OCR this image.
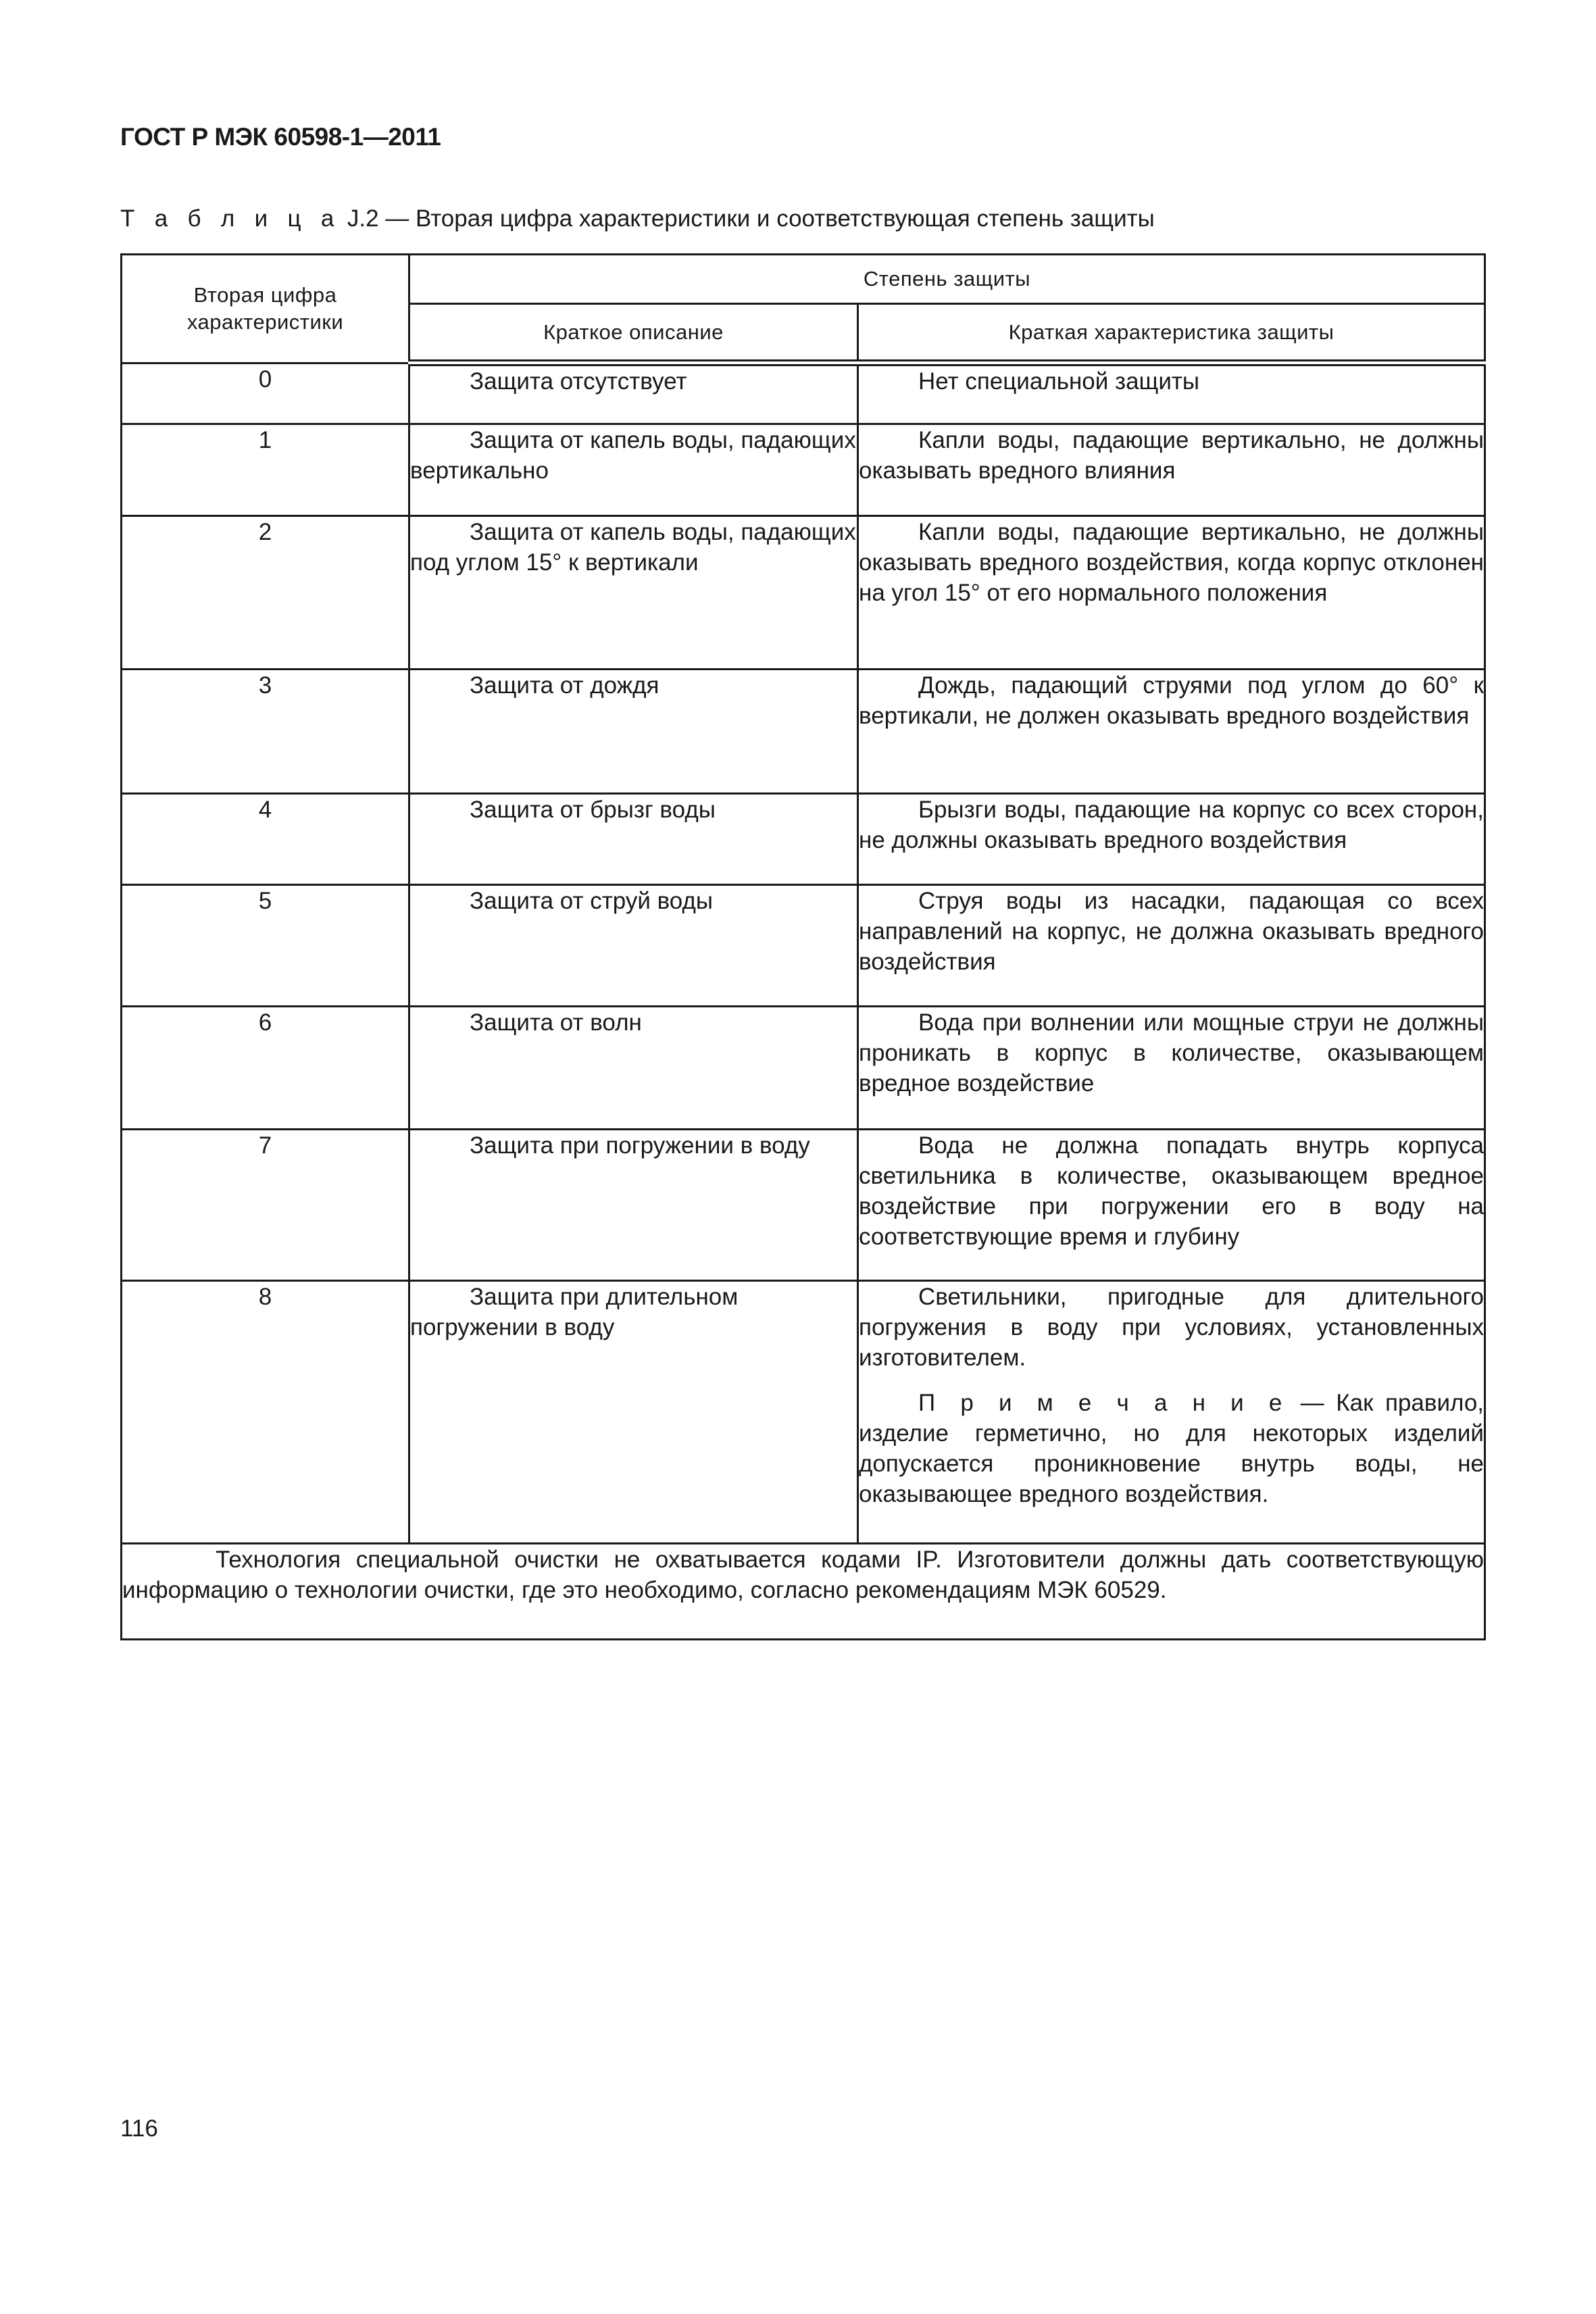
ГОСТ Р МЭК 60598-1—2011
Т а б л и ц а J.2 — Вторая цифра характеристики и соответствующая степень защиты
Вторая цифра характеристики	Степень защиты	
	Краткое описание	Краткая характеристика защиты
0	Защита отсутствует	Нет специальной защиты

1	Защита от капель воды, падающих вертикально	Капли воды, падающие вертикально, не должны оказывать вредного влияния

2	Защита от капель воды, падающих под углом 15° к вертикали	Капли воды, падающие вертикально, не должны оказывать вредного воздействия, когда корпус отклонен на угол 15° от его нормального положения

3	Защита от дождя	Дождь, падающий струями под углом до 60° к вертикали, не должен оказывать вредного воздействия

4	Защита от брызг воды	Брызги воды, падающие на корпус со всех сторон, не должны оказывать вредного воздействия

5	Защита от струй воды	Струя воды из насадки, падающая со всех направлений на корпус, не должна оказывать вредного воздействия

6	Защита от волн	Вода при волнении или мощные струи не должны проникать в корпус в количестве, оказывающем вредное воздействие

7	Защита при погружении в воду	Вода не должна попадать внутрь корпуса светильника в количестве, оказывающем вредное воздействие при погружении его в воду на соответствующие время и глубину

8	Защита при длительном погружении в воду	Светильники, пригодные для длительного погружения в воду при условиях, установленных изготовителем.

П р и м е ч а н и е — Как правило, изделие герметично, но для некоторых изделий допускается проникновение внутрь воды, не оказывающее вредного воздействия.

Технология специальной очистки не охватывается кодами IP. Изготовители должны дать соответствующую информацию о технологии очистки, где это необходимо, согласно рекомендациям МЭК 60529.		
116
